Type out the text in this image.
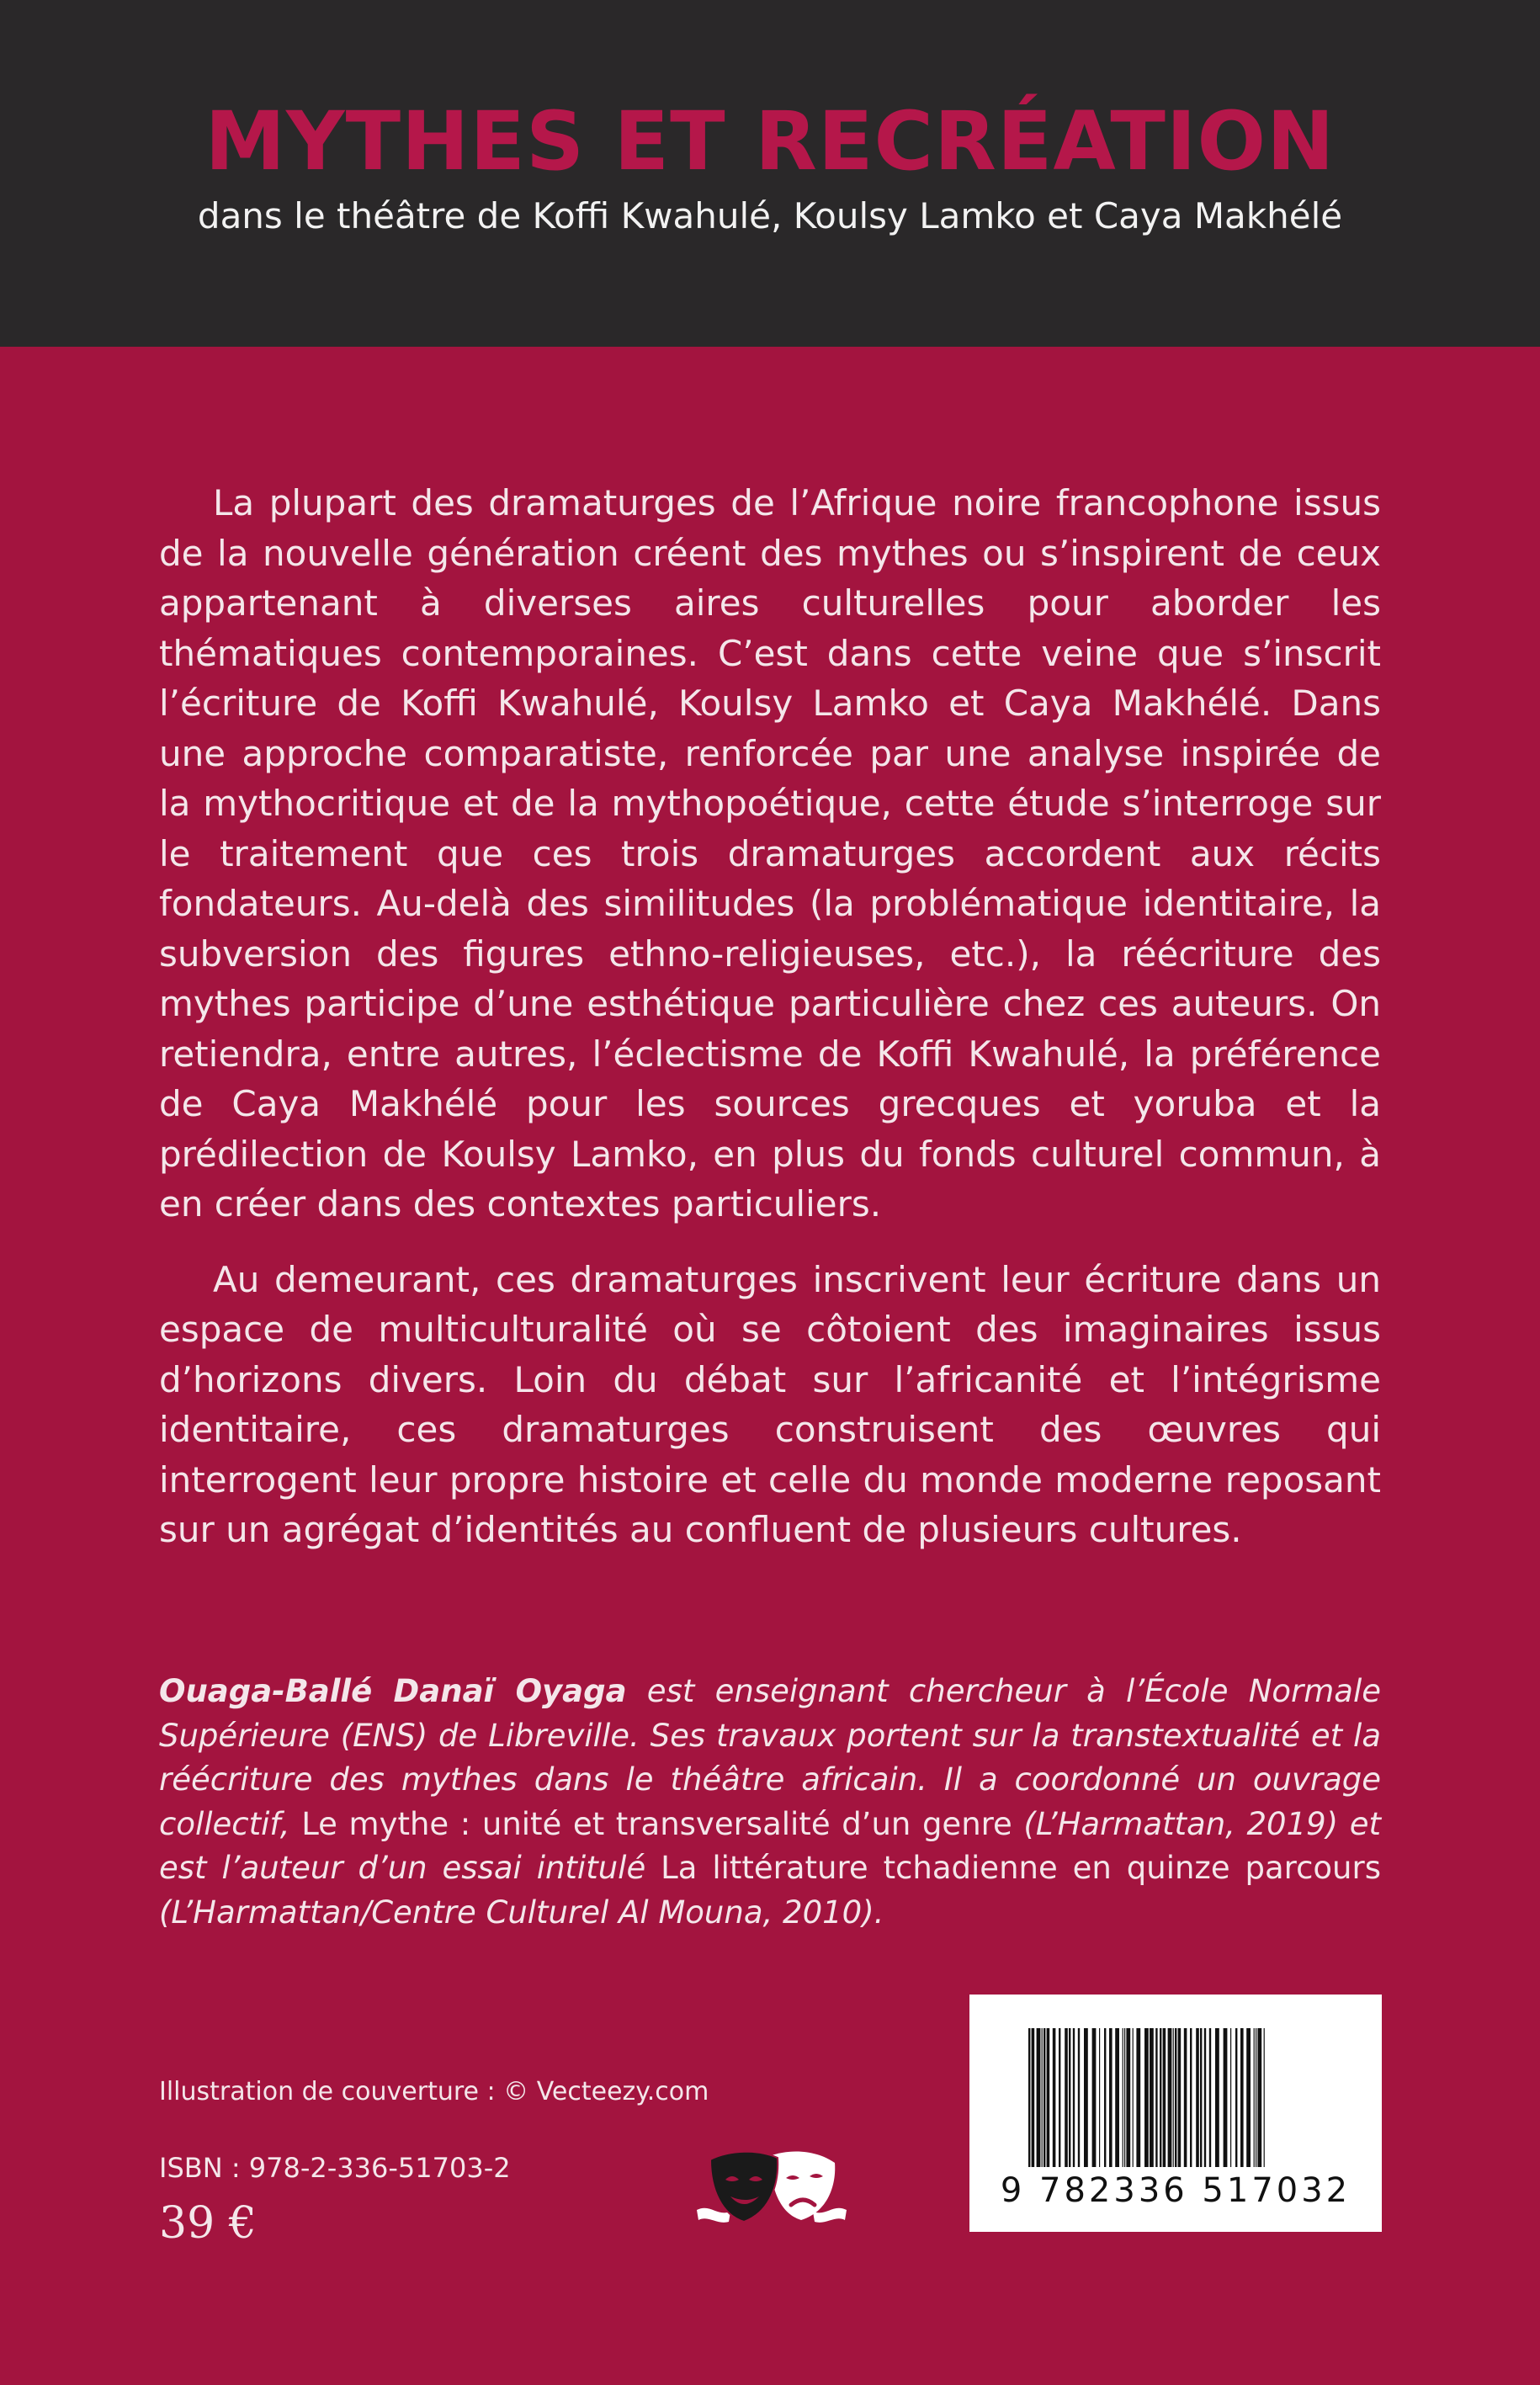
MYTHES ET RECRÉATION
dans le théâtre de Koffi Kwahulé, Koulsy Lamko et Caya Makhélé

La plupart des dramaturges de l’Afrique noire francophone issus de la nouvelle génération créent des mythes ou s’inspirent de ceux appartenant à diverses aires culturelles pour aborder les thématiques contemporaines. C’est dans cette veine que s’inscrit l’écriture de Koffi Kwahulé, Koulsy Lamko et Caya Makhélé. Dans une approche comparatiste, renforcée par une analyse inspirée de la mythocritique et de la mythopoétique, cette étude s’interroge sur le traitement que ces trois dramaturges accordent aux récits fondateurs. Au-delà des similitudes (la problématique identitaire, la subversion des figures ethno-religieuses, etc.), la réécriture des mythes participe d’une esthétique particulière chez ces auteurs. On retiendra, entre autres, l’éclectisme de Koffi Kwahulé, la préférence de Caya Makhélé pour les sources grecques et yoruba et la prédilection de Koulsy Lamko, en plus du fonds culturel commun, à en créer dans des contextes particuliers.

Au demeurant, ces dramaturges inscrivent leur écriture dans un espace de multiculturalité où se côtoient des imaginaires issus d’horizons divers. Loin du débat sur l’africanité et l’intégrisme identitaire, ces dramaturges construisent des œuvres qui interrogent leur propre histoire et celle du monde moderne reposant sur un agrégat d’identités au confluent de plusieurs cultures.

Ouaga-Ballé Danaï Oyaga est enseignant chercheur à l’École Normale Supérieure (ENS) de Libreville. Ses travaux portent sur la transtextualité et la réécriture des mythes dans le théâtre africain. Il a coordonné un ouvrage collectif, Le mythe : unité et transversalité d’un genre (L’Harmattan, 2019) et est l’auteur d’un essai intitulé La littérature tchadienne en quinze parcours (L’Harmattan/Centre Culturel Al Mouna, 2010).
Illustration de couverture : © Vecteezy.com
ISBN : 978-2-336-51703-2
39 €
9 782336 517032
